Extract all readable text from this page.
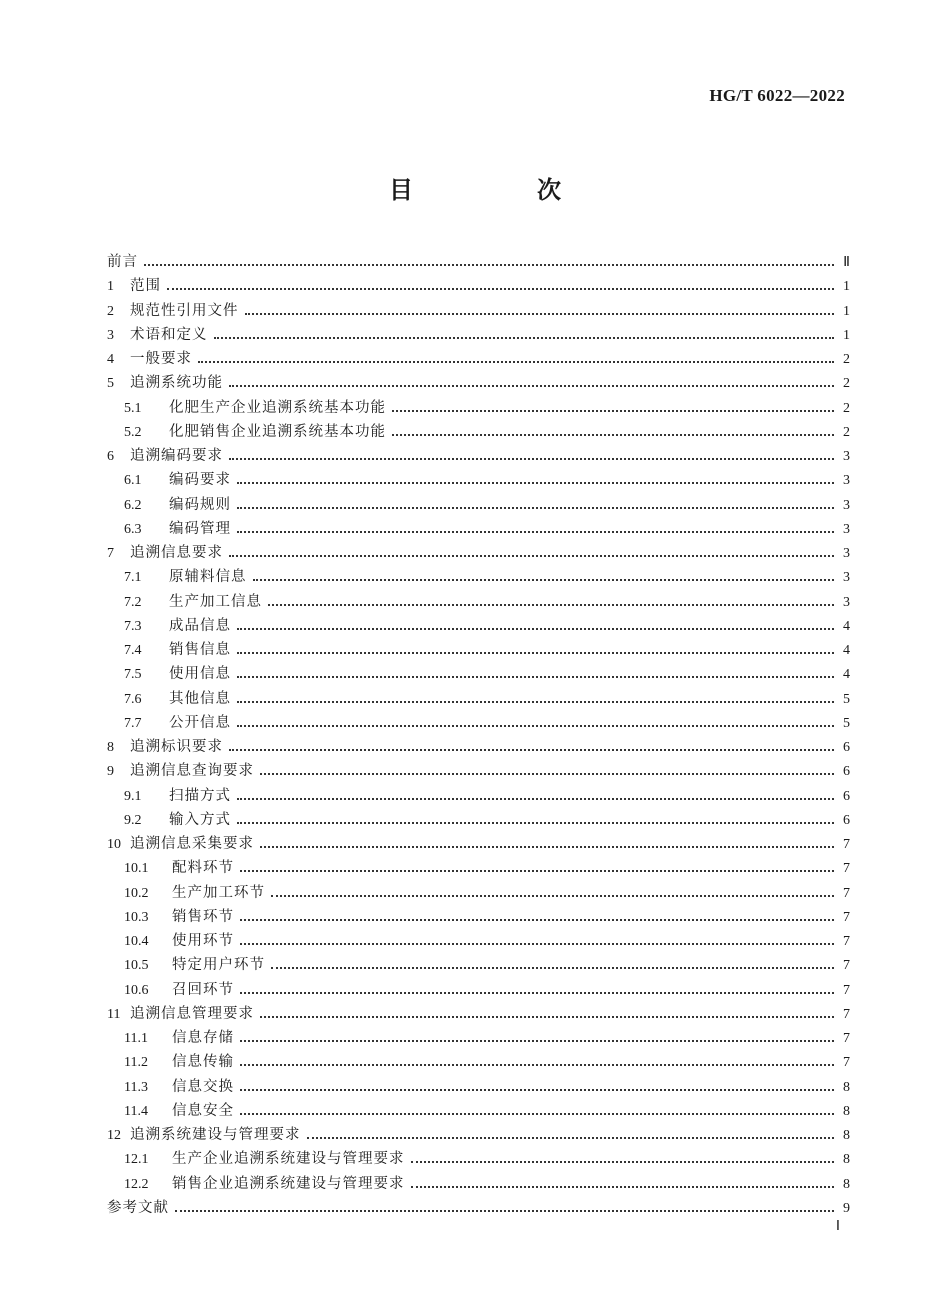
HG/T 6022—2022
目　次
前言	Ⅱ
1	范围	1
2	规范性引用文件	1
3	术语和定义	1
4	一般要求	2
5	追溯系统功能	2
5.1	化肥生产企业追溯系统基本功能	2
5.2	化肥销售企业追溯系统基本功能	2
6	追溯编码要求	3
6.1	编码要求	3
6.2	编码规则	3
6.3	编码管理	3
7	追溯信息要求	3
7.1	原辅料信息	3
7.2	生产加工信息	3
7.3	成品信息	4
7.4	销售信息	4
7.5	使用信息	4
7.6	其他信息	5
7.7	公开信息	5
8	追溯标识要求	6
9	追溯信息查询要求	6
9.1	扫描方式	6
9.2	输入方式	6
10 追溯信息采集要求	7
10.1	配料环节	7
10.2	生产加工环节	7
10.3	销售环节	7
10.4	使用环节	7
10.5	特定用户环节	7
10.6	召回环节	7
11 追溯信息管理要求	7
11.1	信息存储	7
11.2	信息传输	7
11.3	信息交换	8
11.4	信息安全	8
12 追溯系统建设与管理要求	8
12.1	生产企业追溯系统建设与管理要求	8
12.2	销售企业追溯系统建设与管理要求	8
参考文献	9
Ⅰ
